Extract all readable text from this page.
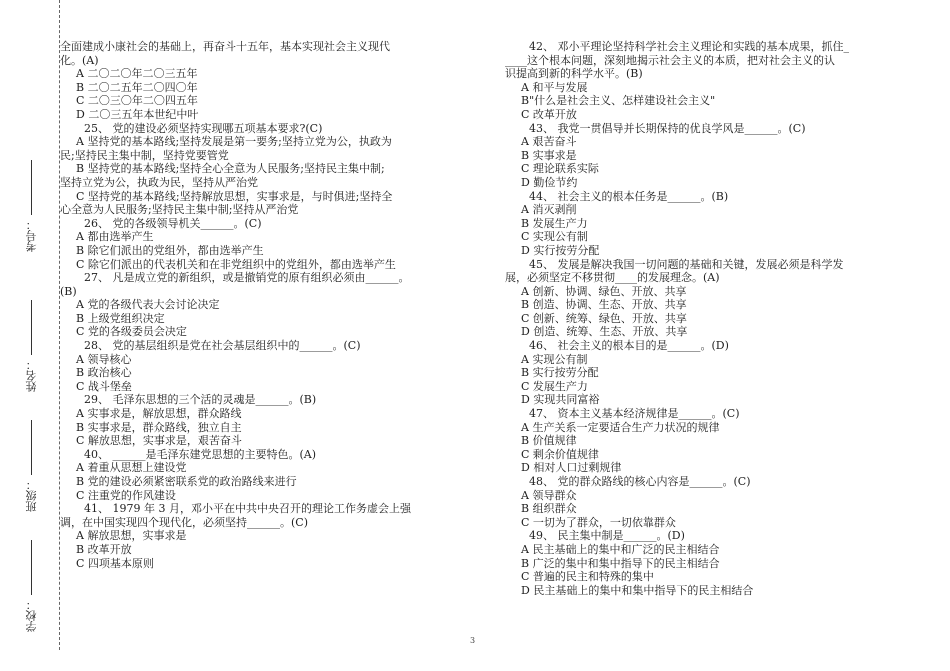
考号：
姓名：
班级：
学校：
全面建成小康社会的基础上，再奋斗十五年，基本实现社会主义现代
化。(A)
A 二〇二〇年二〇三五年
B 二〇二五年二〇四〇年
C 二〇三〇年二〇四五年
D 二〇三五年本世纪中叶
25、 党的建设必须坚持实现哪五项基本要求?(C)
A 坚持党的基本路线;坚持发展是第一要务;坚持立党为公，执政为
民;坚持民主集中制，坚持党要管党
B 坚持党的基本路线;坚持全心全意为人民服务;坚持民主集中制;
坚持立党为公，执政为民，坚持从严治党
C 坚持党的基本路线;坚持解放思想，实事求是，与时俱进;坚持全
心全意为人民服务;坚持民主集中制;坚持从严治党
26、 党的各级领导机关______。(C)
A 都由选举产生
B 除它们派出的党组外，都由选举产生
C 除它们派出的代表机关和在非党组织中的党组外，都由选举产生
27、 凡是成立党的新组织，或是撤销党的原有组织必须由______。
(B)
A 党的各级代表大会讨论决定
B 上级党组织决定
C 党的各级委员会决定
28、 党的基层组织是党在社会基层组织中的______。(C)
A 领导核心
B 政治核心
C 战斗堡垒
29、 毛泽东思想的三个活的灵魂是______。(B)
A 实事求是，解放思想，群众路线
B 实事求是，群众路线，独立自主
C 解放思想，实事求是，艰苦奋斗
40、 ______是毛泽东建党思想的主要特色。(A)
A 着重从思想上建设党
B 党的建设必须紧密联系党的政治路线来进行
C 注重党的作风建设
41、 1979 年 3 月，邓小平在中共中央召开的理论工作务虚会上强
调，在中国实现四个现代化，必须坚持______。(C)
A 解放思想，实事求是
B 改革开放
C 四项基本原则
42、 邓小平理论坚持科学社会主义理论和实践的基本成果，抓住_
____这个根本问题，深刻地揭示社会主义的本质，把对社会主义的认
识提高到新的科学水平。(B)
A 和平与发展
B"什么是社会主义、怎样建设社会主义"
C 改革开放
43、 我党一贯倡导并长期保持的优良学风是______。(C)
A 艰苦奋斗
B 实事求是
C 理论联系实际
D 勤俭节约
44、 社会主义的根本任务是______。(B)
A 消灭剥削
B 发展生产力
C 实现公有制
D 实行按劳分配
45、 发展是解决我国一切问题的基础和关键，发展必须是科学发
展，必须坚定不移贯彻____的发展理念。(A)
A 创新、协调、绿色、开放、共享
B 创造、协调、生态、开放、共享
C 创新、统筹、绿色、开放、共享
D 创造、统筹、生态、开放、共享
46、 社会主义的根本目的是______。(D)
A 实现公有制
B 实行按劳分配
C 发展生产力
D 实现共同富裕
47、 资本主义基本经济规律是______。(C)
A 生产关系一定要适合生产力状况的规律
B 价值规律
C 剩余价值规律
D 相对人口过剩规律
48、 党的群众路线的核心内容是______。(C)
A 领导群众
B 组织群众
C 一切为了群众，一切依靠群众
49、 民主集中制是______。(D)
A 民主基础上的集中和广泛的民主相结合
B 广泛的集中和集中指导下的民主相结合
C 普遍的民主和特殊的集中
D 民主基础上的集中和集中指导下的民主相结合
3
